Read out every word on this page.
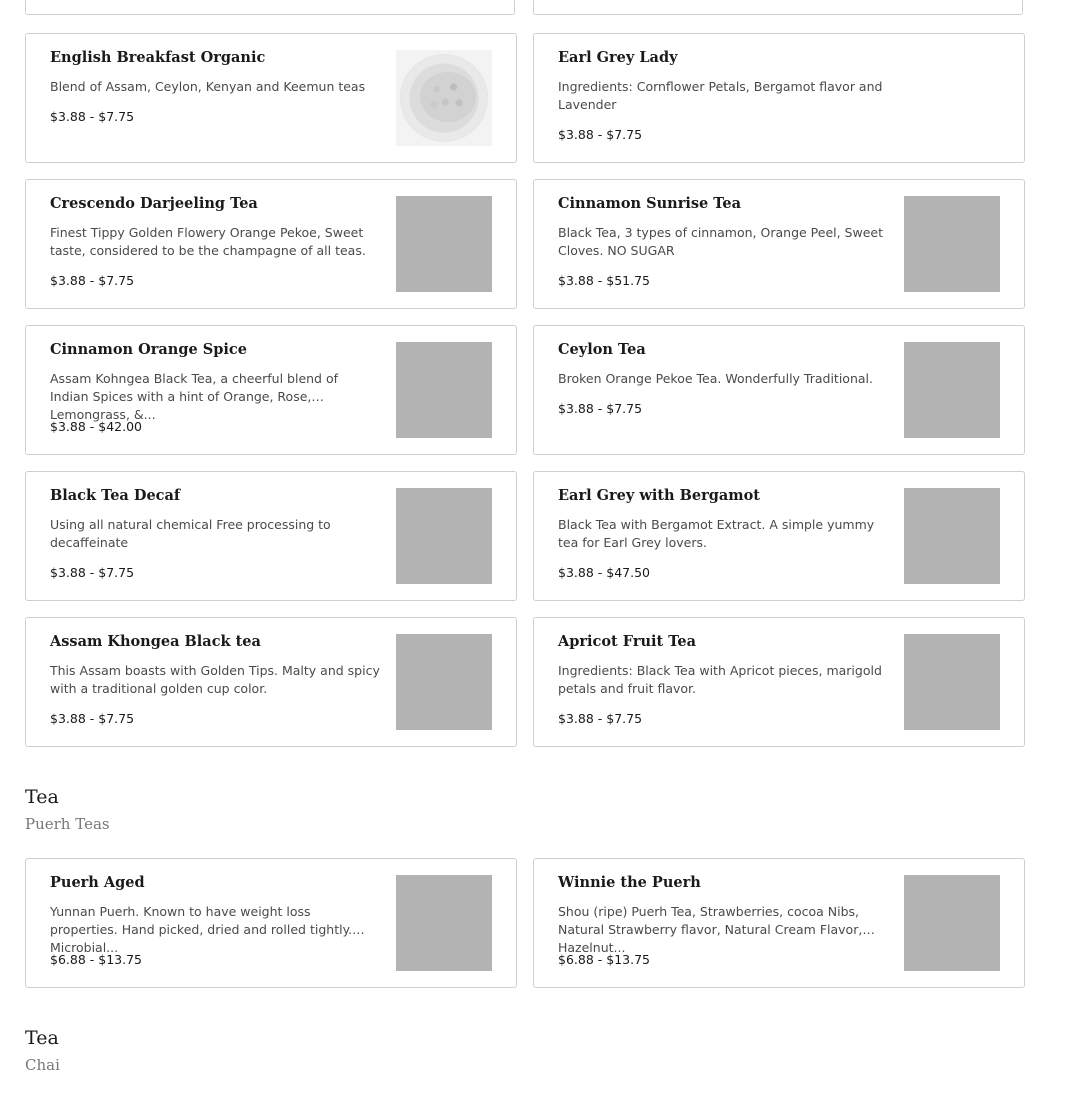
English Breakfast Organic
Blend of Assam, Ceylon, Kenyan and Keemun teas
$3.88 - $7.75
Earl Grey Lady
Ingredients: Cornflower Petals, Bergamot flavor and Lavender
$3.88 - $7.75
Crescendo Darjeeling Tea
Finest Tippy Golden Flowery Orange Pekoe, Sweet taste, considered to be the champagne of all teas.
$3.88 - $7.75
Cinnamon Sunrise Tea
Black Tea, 3 types of cinnamon, Orange Peel, Sweet Cloves. NO SUGAR
$3.88 - $51.75
Cinnamon Orange Spice
Assam Kohngea Black Tea, a cheerful blend of Indian Spices with a hint of Orange, Rose, Lemongrass, &...
$3.88 - $42.00
Ceylon Tea
Broken Orange Pekoe Tea. Wonderfully Traditional.
$3.88 - $7.75
Black Tea Decaf
Using all natural chemical Free processing to decaffeinate
$3.88 - $7.75
Earl Grey with Bergamot
Black Tea with Bergamot Extract. A simple yummy tea for Earl Grey lovers.
$3.88 - $47.50
Assam Khongea Black tea
This Assam boasts with Golden Tips. Malty and spicy with a traditional golden cup color.
$3.88 - $7.75
Apricot Fruit Tea
Ingredients: Black Tea with Apricot pieces, marigold petals and fruit flavor.
$3.88 - $7.75
Tea
Puerh Teas
Puerh Aged
Yunnan Puerh. Known to have weight loss properties. Hand picked, dried and rolled tightly. Microbial...
$6.88 - $13.75
Winnie the Puerh
Shou (ripe) Puerh Tea, Strawberries, cocoa Nibs, Natural Strawberry flavor, Natural Cream Flavor, Hazelnut...
$6.88 - $13.75
Tea
Chai
